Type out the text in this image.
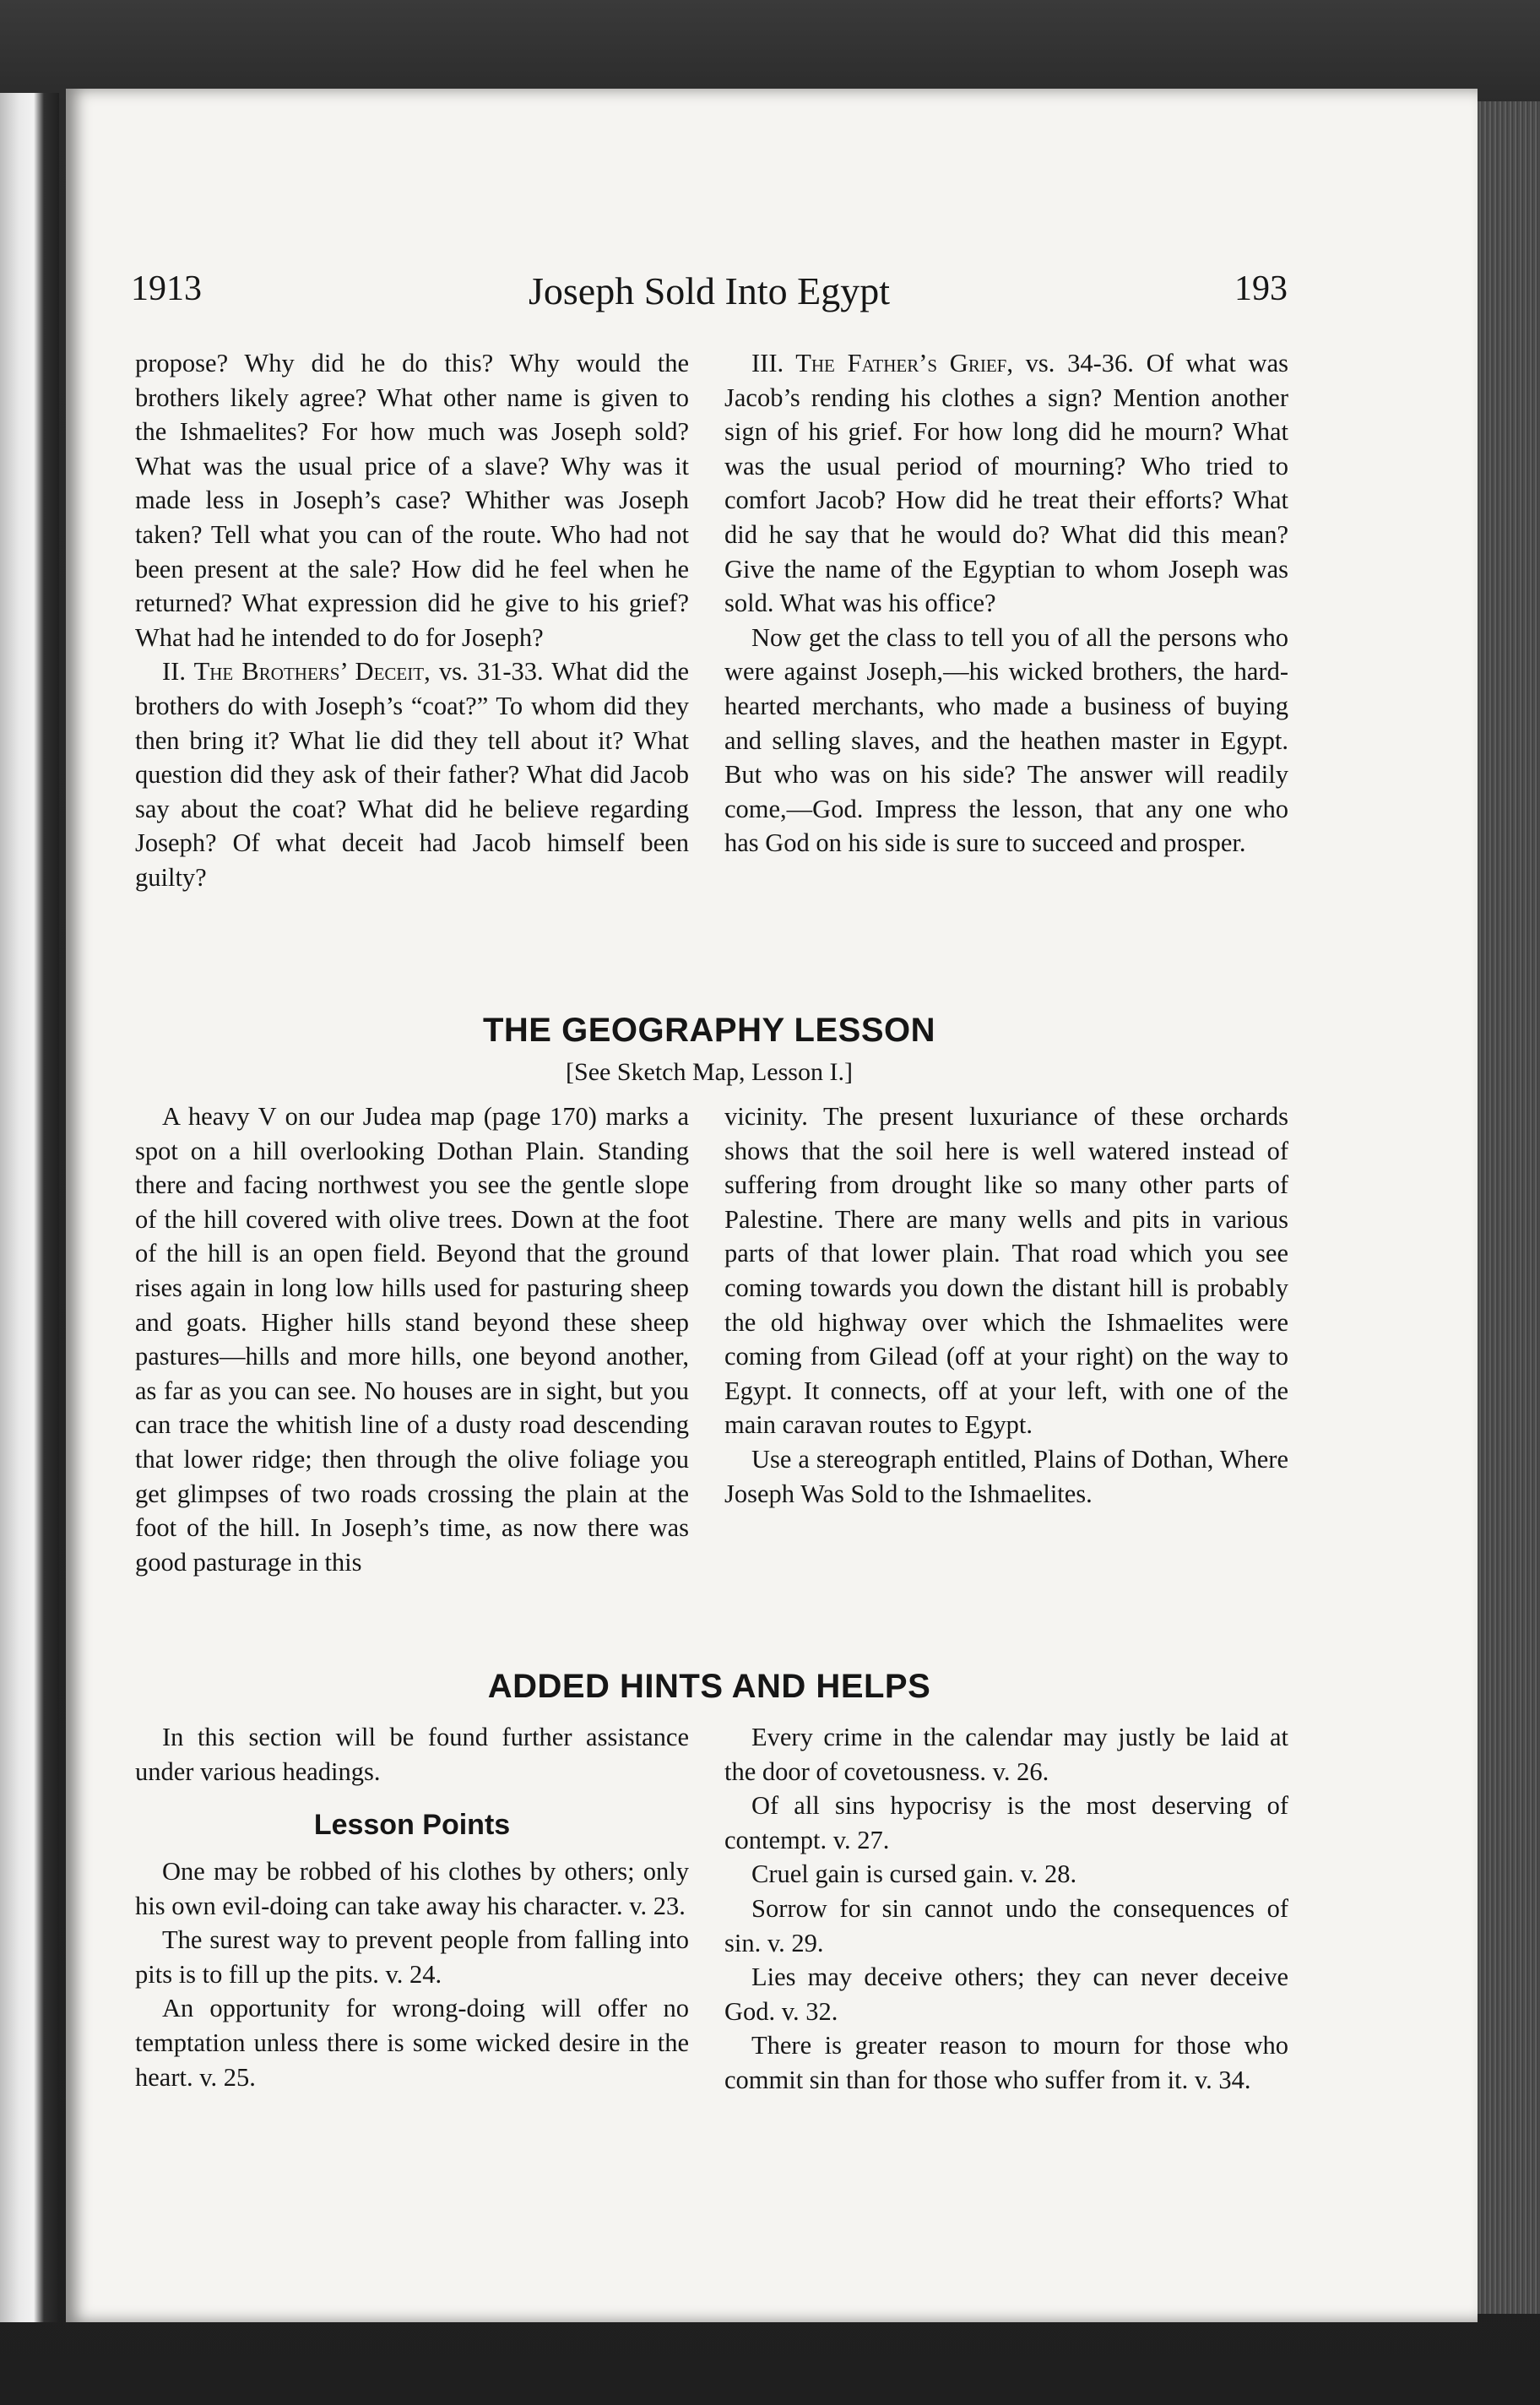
1913	Joseph Sold Into Egypt	193

propose? Why did he do this? Why would the brothers likely agree? What other name is given to the Ishmaelites? For how much was Joseph sold? What was the usual price of a slave? Why was it made less in Joseph’s case? Whither was Joseph taken? Tell what you can of the route. Who had not been present at the sale? How did he feel when he returned? What expression did he give to his grief? What had he intended to do for Joseph?

II. The Brothers’ Deceit, vs. 31-33. What did the brothers do with Joseph’s “coat?” To whom did they then bring it? What lie did they tell about it? What question did they ask of their father? What did Jacob say about the coat? What did he believe regarding Joseph? Of what deceit had Jacob himself been guilty?

III. The Father’s Grief, vs. 34-36. Of what was Jacob’s rending his clothes a sign? Mention another sign of his grief. For how long did he mourn? What was the usual period of mourning? Who tried to comfort Jacob? How did he treat their efforts? What did he say that he would do? What did this mean? Give the name of the Egyptian to whom Joseph was sold. What was his office?

Now get the class to tell you of all the persons who were against Joseph,—his wicked brothers, the hard-hearted merchants, who made a business of buying and selling slaves, and the heathen master in Egypt. But who was on his side? The answer will readily come,—God. Impress the lesson, that any one who has God on his side is sure to succeed and prosper.

THE GEOGRAPHY LESSON
[See Sketch Map, Lesson I.]

A heavy V on our Judea map (page 170) marks a spot on a hill overlooking Dothan Plain. Standing there and facing northwest you see the gentle slope of the hill covered with olive trees. Down at the foot of the hill is an open field. Beyond that the ground rises again in long low hills used for pasturing sheep and goats. Higher hills stand beyond these sheep pastures—hills and more hills, one beyond another, as far as you can see. No houses are in sight, but you can trace the whitish line of a dusty road descending that lower ridge; then through the olive foliage you get glimpses of two roads crossing the plain at the foot of the hill. In Joseph’s time, as now there was good pasturage in this

vicinity. The present luxuriance of these orchards shows that the soil here is well watered instead of suffering from drought like so many other parts of Palestine. There are many wells and pits in various parts of that lower plain. That road which you see coming towards you down the distant hill is probably the old highway over which the Ishmaelites were coming from Gilead (off at your right) on the way to Egypt. It connects, off at your left, with one of the main caravan routes to Egypt.

Use a stereograph entitled, Plains of Dothan, Where Joseph Was Sold to the Ishmaelites.

ADDED HINTS AND HELPS

In this section will be found further assistance under various headings.

Lesson Points

One may be robbed of his clothes by others; only his own evil-doing can take away his character. v. 23.

The surest way to prevent people from falling into pits is to fill up the pits. v. 24.

An opportunity for wrong-doing will offer no temptation unless there is some wicked desire in the heart. v. 25.

Every crime in the calendar may justly be laid at the door of covetousness. v. 26.

Of all sins hypocrisy is the most deserving of contempt. v. 27.

Cruel gain is cursed gain. v. 28.

Sorrow for sin cannot undo the consequences of sin. v. 29.

Lies may deceive others; they can never deceive God. v. 32.

There is greater reason to mourn for those who commit sin than for those who suffer from it. v. 34.
